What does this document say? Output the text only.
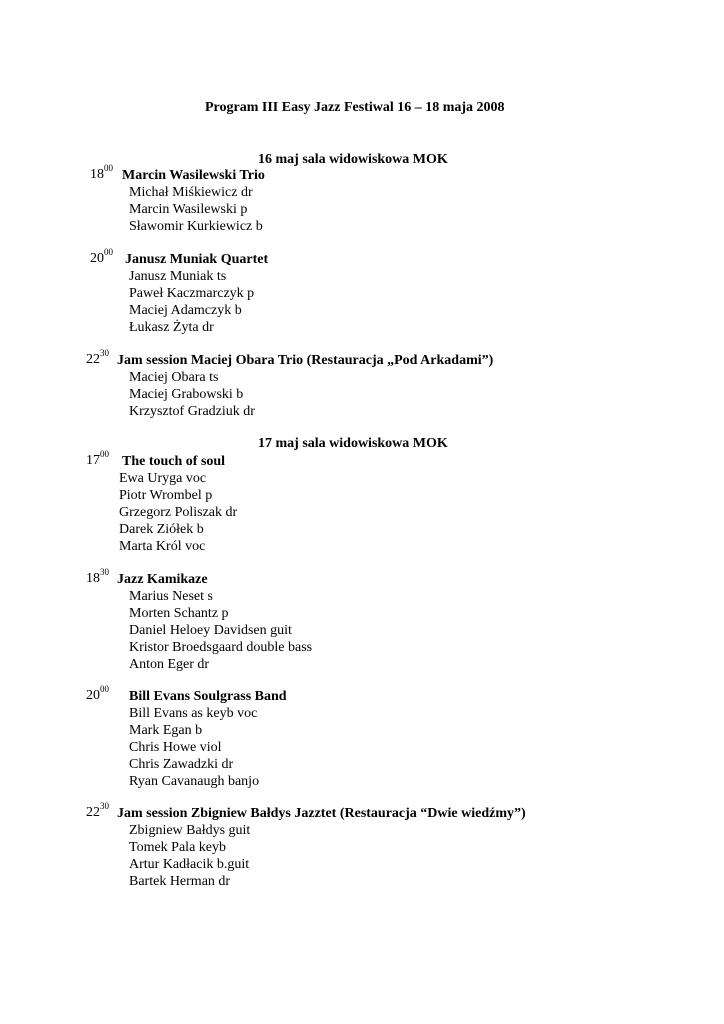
Program III Easy Jazz Festiwal 16 – 18 maja 2008
16 maj sala widowiskowa MOK
$18^{00}$ Marcin Wasilewski Trio
Michał Miśkiewicz dr
Marcin Wasilewski p
Sławomir Kurkiewicz b
$20^{00}$ Janusz Muniak Quartet
Janusz Muniak ts
Paweł Kaczmarczyk p
Maciej Adamczyk b
Łukasz Żyta dr
$22^{30}$ Jam session Maciej Obara Trio (Restauracja „Pod Arkadami”)
Maciej Obara ts
Maciej Grabowski b
Krzysztof Gradziuk dr
17 maj sala widowiskowa MOK
$17^{00}$ The touch of soul
Ewa Uryga voc
Piotr Wrombel p
Grzegorz Poliszak dr
Darek Ziółek b
Marta Król voc
$18^{30}$ Jazz Kamikaze
Marius Neset s
Morten Schantz p
Daniel Heloey Davidsen guit
Kristor Broedsgaard double bass
Anton Eger dr
$20^{00}$ Bill Evans Soulgrass Band
Bill Evans as keyb voc
Mark Egan b
Chris Howe viol
Chris Zawadzki dr
Ryan Cavanaugh banjo
$22^{30}$ Jam session Zbigniew Bałdys Jazztet (Restauracja “Dwie wiedźmy”)
Zbigniew Bałdys guit
Tomek Pala keyb
Artur Kadłacik b.guit
Bartek Herman dr
